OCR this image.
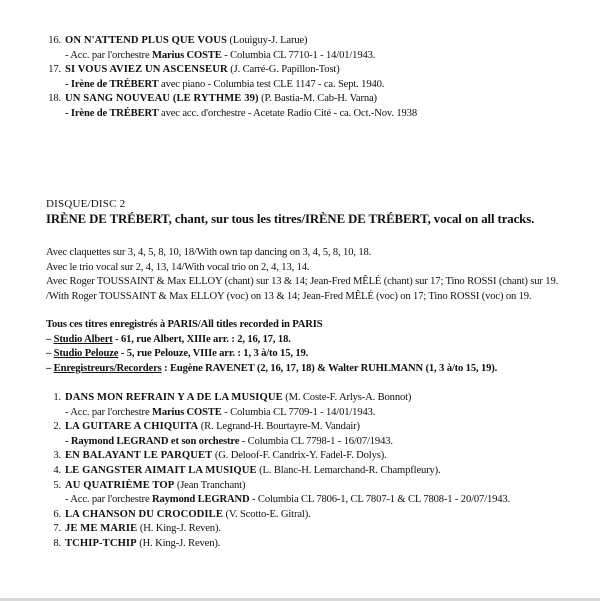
16. ON N'ATTEND PLUS QUE VOUS (Louiguy-J. Larue)
- Acc. par l'orchestre Marius COSTE - Columbia CL 7710-1 - 14/01/1943.
17. SI VOUS AVIEZ UN ASCENSEUR (J. Carré-G. Papillon-Tost)
- Irène de TRÉBERT avec piano - Columbia test CLE 1147 - ca. Sept. 1940.
18. UN SANG NOUVEAU (LE RYTHME 39) (P. Bastia-M. Cab-H. Varna)
- Irène de TRÉBERT avec acc. d'orchestre - Acetate Radio Cité - ca. Oct.-Nov. 1938
DISQUE/DISC 2
IRÈNE DE TRÉBERT, chant, sur tous les titres/IRÈNE DE TRÉBERT, vocal on all tracks.
Avec claquettes sur 3, 4, 5, 8, 10, 18/With own tap dancing on 3, 4, 5, 8, 10, 18.
Avec le trio vocal sur 2, 4, 13, 14/With vocal trio on 2, 4, 13, 14.
Avec Roger TOUSSAINT & Max ELLOY (chant) sur 13 & 14; Jean-Fred MÊLÉ (chant) sur 17; Tino ROSSI (chant) sur 19.
/With Roger TOUSSAINT & Max ELLOY (voc) on 13 & 14; Jean-Fred MÊLÉ (voc) on 17; Tino ROSSI (voc) on 19.
Tous ces titres enregistrés à PARIS/All titles recorded in PARIS
– Studio Albert - 61, rue Albert, XIIIe arr. : 2, 16, 17, 18.
– Studio Pelouze - 5, rue Pelouze, VIIIe arr. : 1, 3 à/to 15, 19.
– Enregistreurs/Recorders : Eugène RAVENET (2, 16, 17, 18) & Walter RUHLMANN (1, 3 à/to 15, 19).
1. DANS MON REFRAIN Y A DE LA MUSIQUE (M. Coste-F. Arlys-A. Bonnot)
- Acc. par l'orchestre Marius COSTE - Columbia CL 7709-1 - 14/01/1943.
2. LA GUITARE A CHIQUITA (R. Legrand-H. Bourtayre-M. Vandair)
- Raymond LEGRAND et son orchestre - Columbia CL 7798-1 - 16/07/1943.
3. EN BALAYANT LE PARQUET (G. Deloof-F. Candrix-Y. Fadel-F. Dolys).
4. LE GANGSTER AIMAIT LA MUSIQUE (L. Blanc-H. Lemarchand-R. Champfleury).
5. AU QUATRIÈME TOP (Jean Tranchant)
- Acc. par l'orchestre Raymond LEGRAND - Columbia CL 7806-1, CL 7807-1 & CL 7808-1 - 20/07/1943.
6. LA CHANSON DU CROCODILE (V. Scotto-E. Gitral).
7. JE ME MARIE (H. King-J. Reven).
8. TCHIP-TCHIP (H. King-J. Reven).
